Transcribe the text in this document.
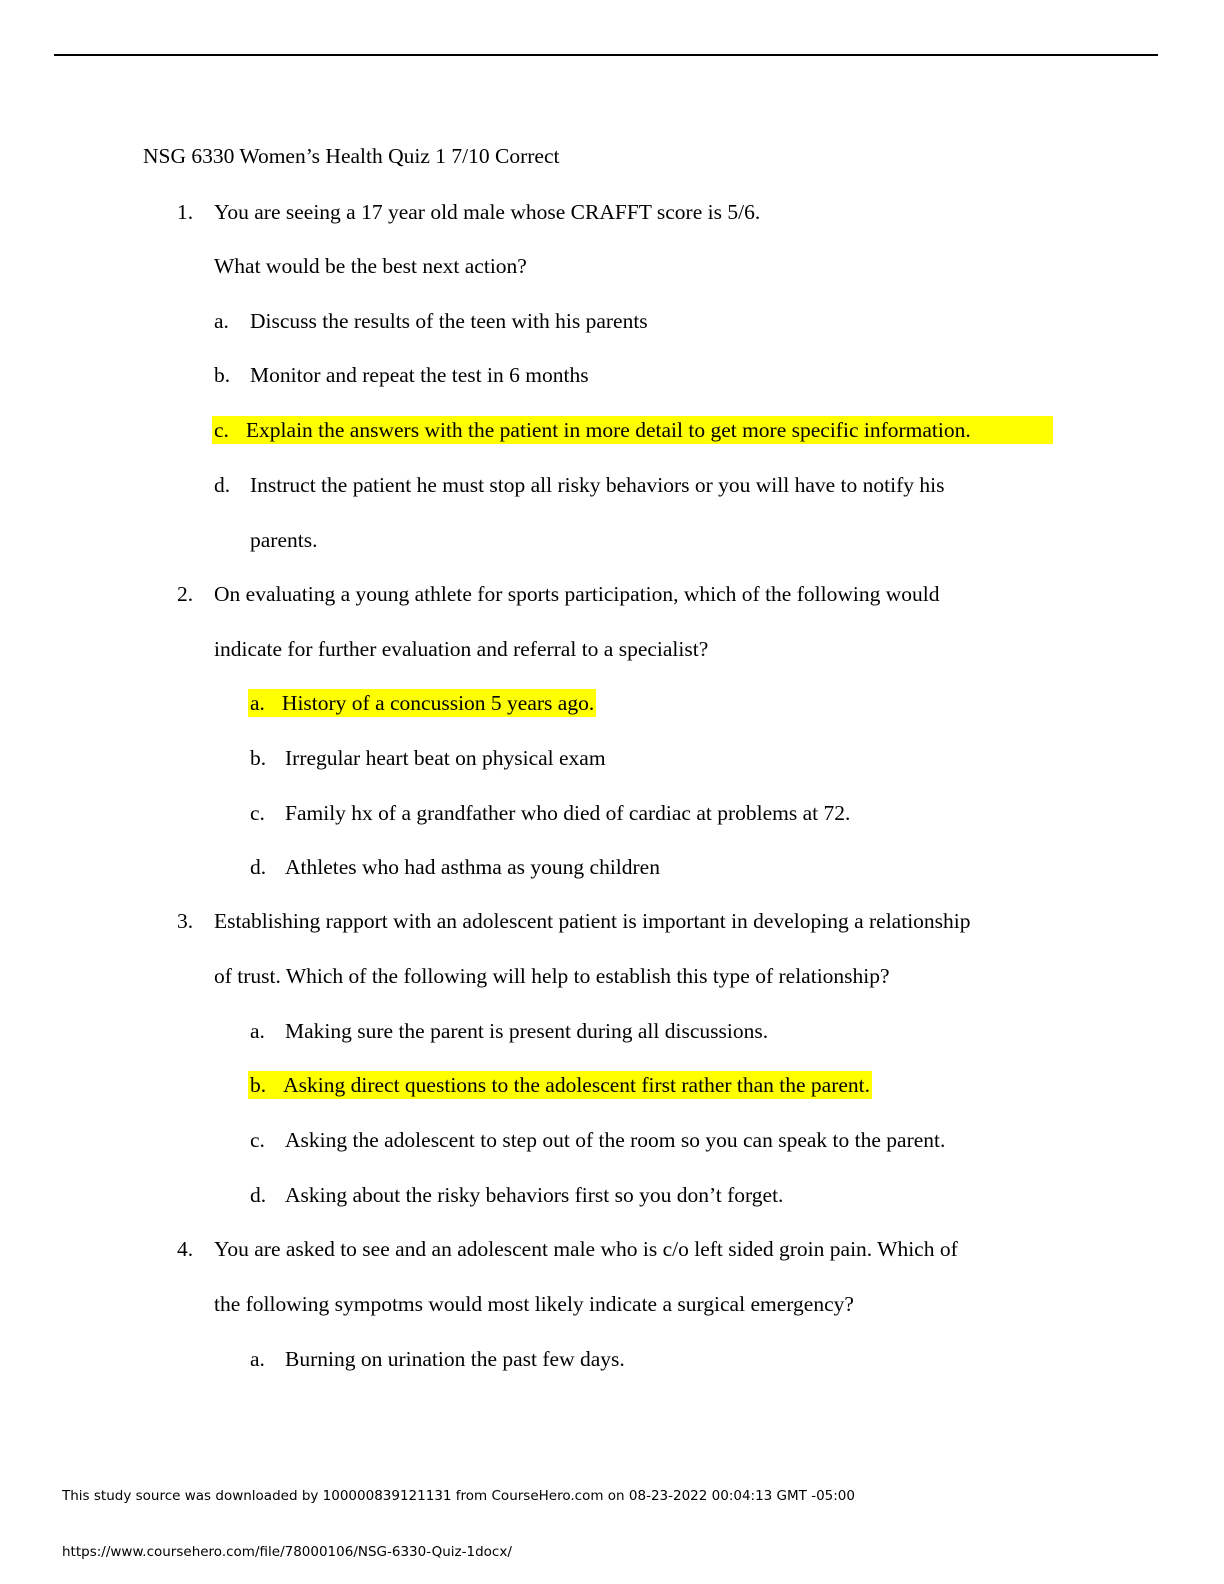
NSG 6330 Women’s Health Quiz 1 7/10 Correct
1. You are seeing a 17 year old male whose CRAFFT score is 5/6.
What would be the best next action?
a. Discuss the results of the teen with his parents
b. Monitor and repeat the test in 6 months
c. Explain the answers with the patient in more detail to get more specific information.
d. Instruct the patient he must stop all risky behaviors or you will have to notify his
parents.
2. On evaluating a young athlete for sports participation, which of the following would
indicate for further evaluation and referral to a specialist?
a. History of a concussion 5 years ago.
b. Irregular heart beat on physical exam
c. Family hx of a grandfather who died of cardiac at problems at 72.
d. Athletes who had asthma as young children
3. Establishing rapport with an adolescent patient is important in developing a relationship
of trust. Which of the following will help to establish this type of relationship?
a. Making sure the parent is present during all discussions.
b. Asking direct questions to the adolescent first rather than the parent.
c. Asking the adolescent to step out of the room so you can speak to the parent.
d. Asking about the risky behaviors first so you don’t forget.
4. You are asked to see and an adolescent male who is c/o left sided groin pain. Which of
the following sympotms would most likely indicate a surgical emergency?
a. Burning on urination the past few days.
This study source was downloaded by 100000839121131 from CourseHero.com on 08-23-2022 00:04:13 GMT -05:00
https://www.coursehero.com/file/78000106/NSG-6330-Quiz-1docx/
